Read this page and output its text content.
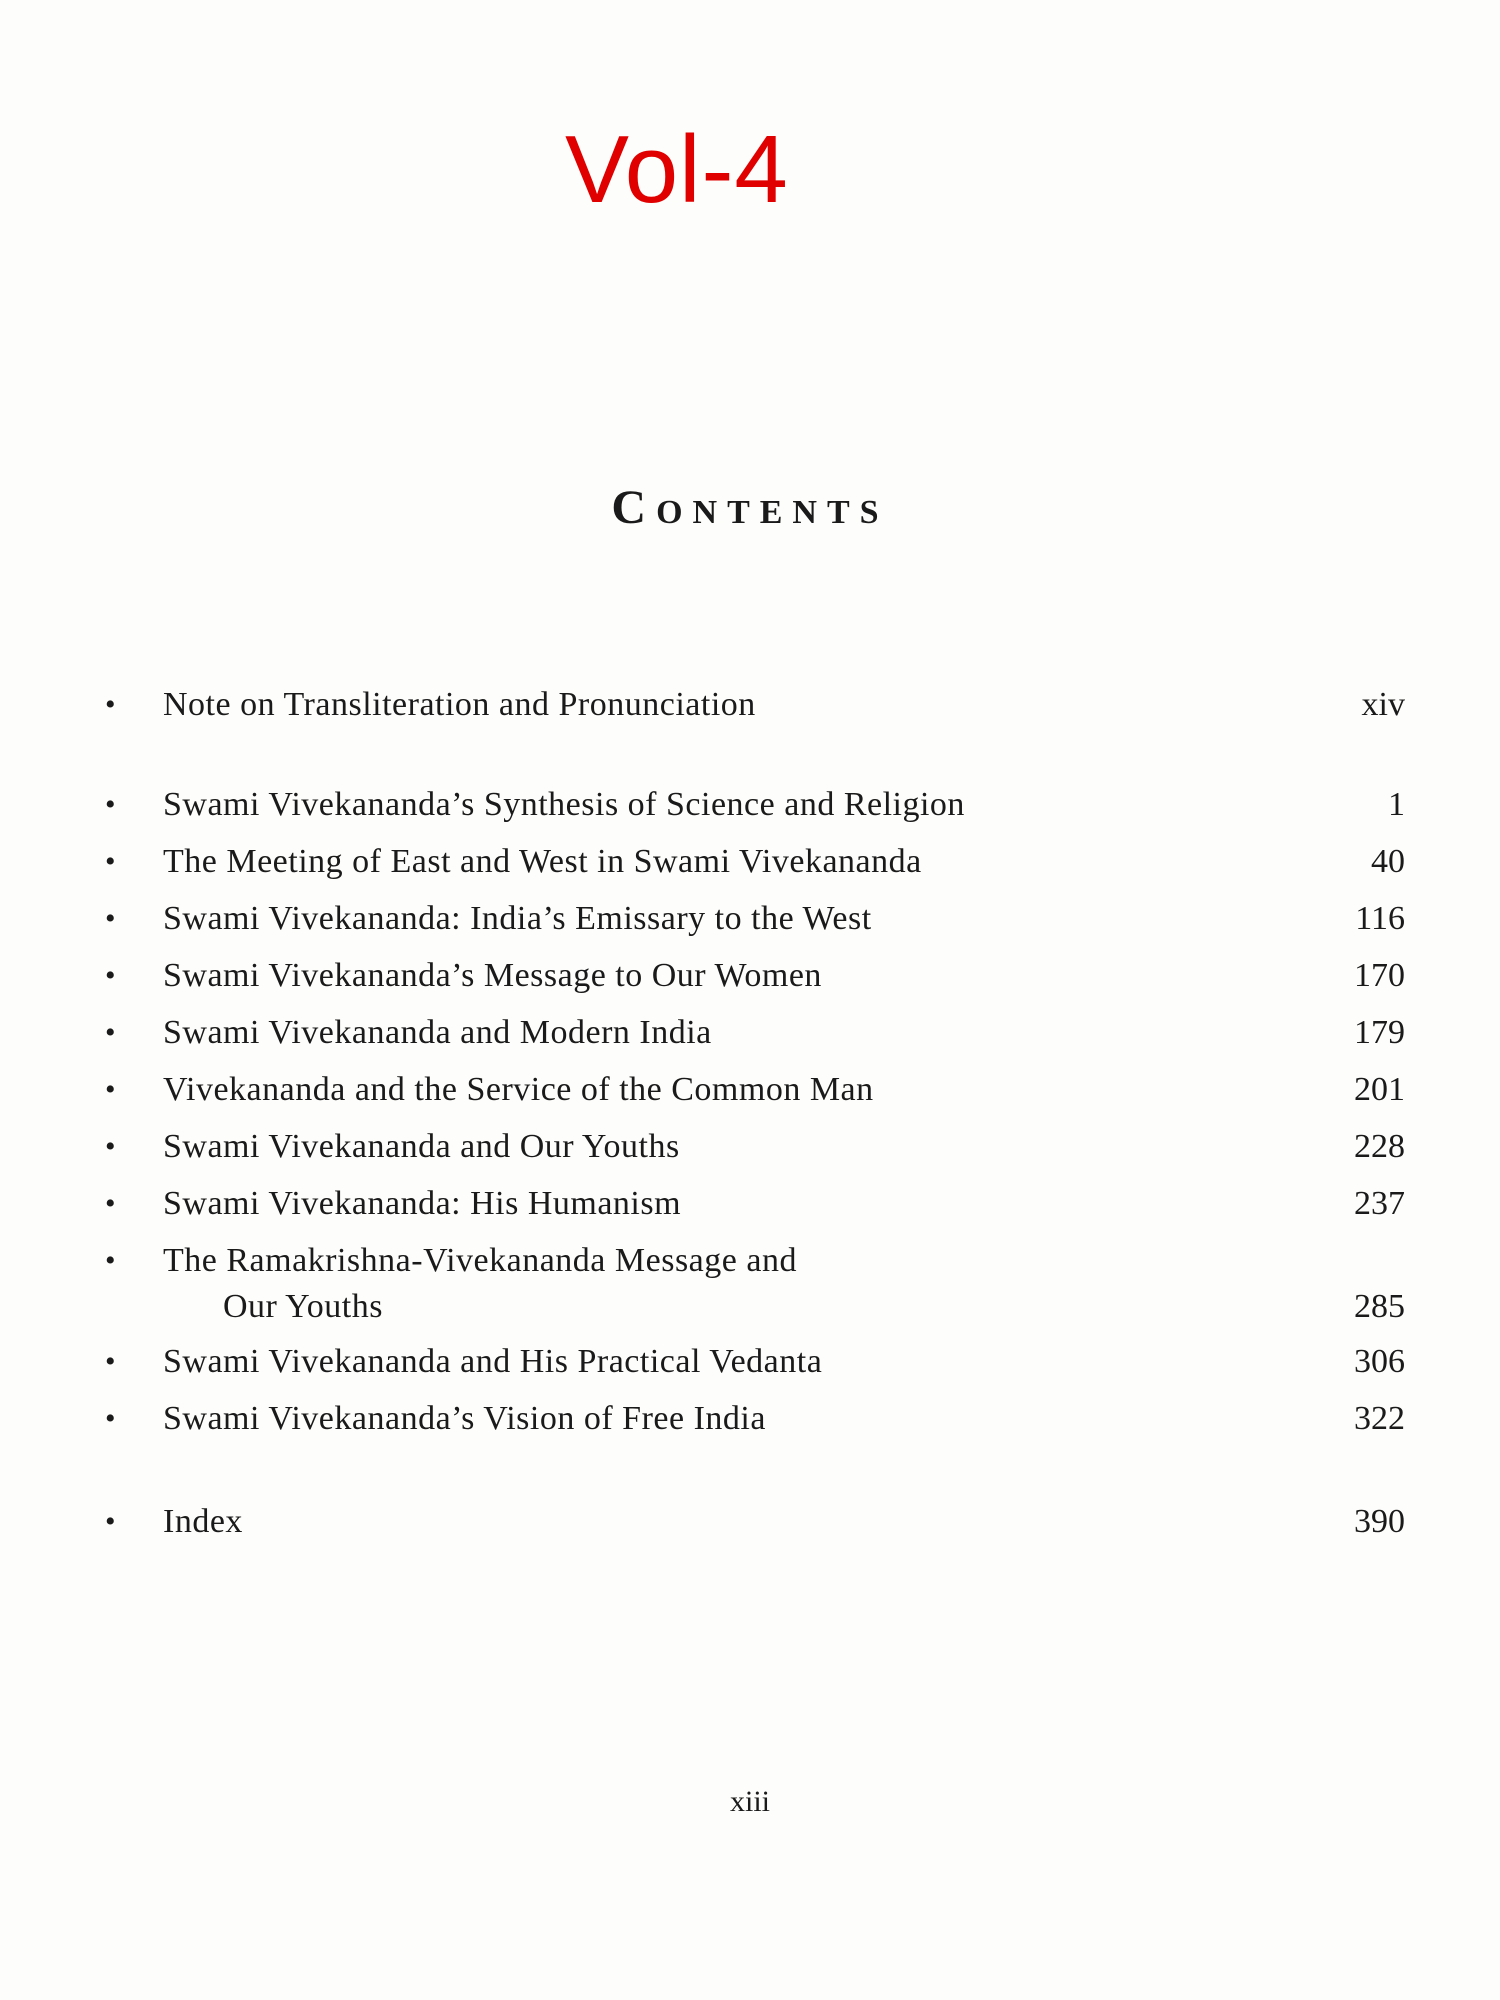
Vol-4
Contents
• Note on Transliteration and Pronunciation	xiv
• Swami Vivekananda’s Synthesis of Science and Religion	1
• The Meeting of East and West in Swami Vivekananda	40
• Swami Vivekananda: India’s Emissary to the West	116
• Swami Vivekananda’s Message to Our Women	170
• Swami Vivekananda and Modern India	179
• Vivekananda and the Service of the Common Man	201
• Swami Vivekananda and Our Youths	228
• Swami Vivekananda: His Humanism	237
• The Ramakrishna-Vivekananda Message and
Our Youths	285
• Swami Vivekananda and His Practical Vedanta	306
• Swami Vivekananda’s Vision of Free India	322
• Index	390
xiii
